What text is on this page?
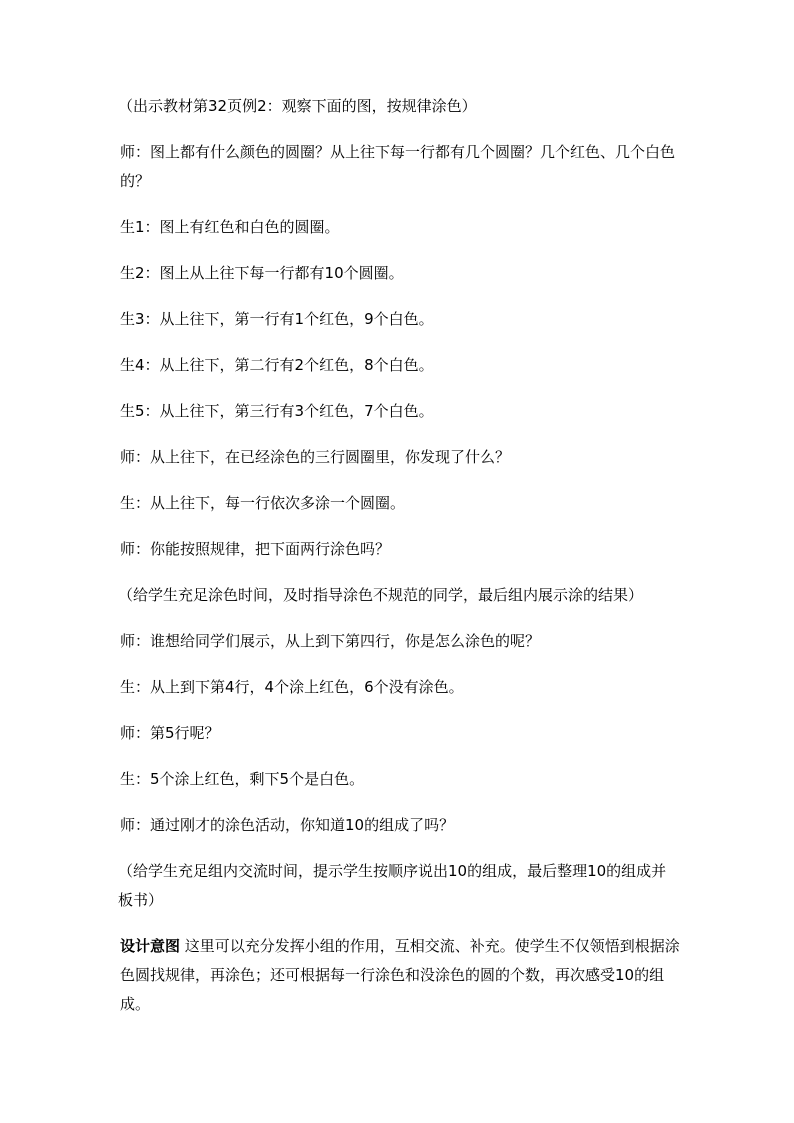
（出示教材第32页例2：观察下面的图，按规律涂色）

师：图上都有什么颜色的圆圈？从上往下每一行都有几个圆圈？几个红色、几个白色的？

生1：图上有红色和白色的圆圈。

生2：图上从上往下每一行都有10个圆圈。

生3：从上往下，第一行有1个红色，9个白色。

生4：从上往下，第二行有2个红色，8个白色。

生5：从上往下，第三行有3个红色，7个白色。

师：从上往下，在已经涂色的三行圆圈里，你发现了什么？

生：从上往下，每一行依次多涂一个圆圈。

师：你能按照规律，把下面两行涂色吗？

（给学生充足涂色时间，及时指导涂色不规范的同学，最后组内展示涂的结果）

师：谁想给同学们展示，从上到下第四行，你是怎么涂色的呢？

生：从上到下第4行，4个涂上红色，6个没有涂色。

师：第5行呢？

生：5个涂上红色，剩下5个是白色。

师：通过刚才的涂色活动，你知道10的组成了吗？

（给学生充足组内交流时间，提示学生按顺序说出10的组成，最后整理10的组成并板书）

设计意图 这里可以充分发挥小组的作用，互相交流、补充。使学生不仅领悟到根据涂色圆找规律，再涂色；还可根据每一行涂色和没涂色的圆的个数，再次感受10的组成。
